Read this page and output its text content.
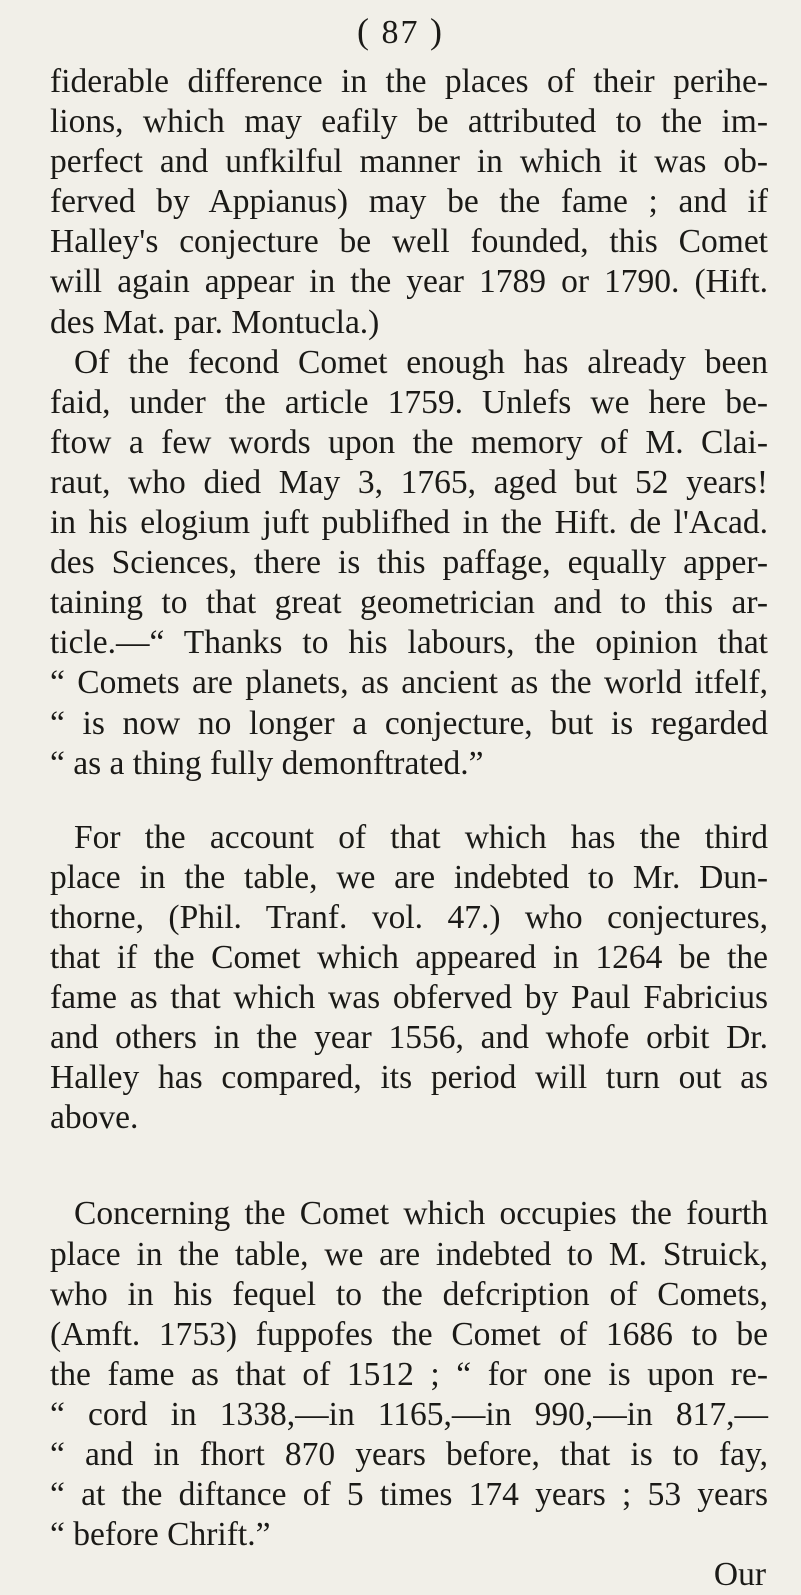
( 87 )
fiderable difference in the places of their perihe-
lions, which may eafily be attributed to the im-
perfect and unfkilful manner in which it was ob-
ferved by Appianus) may be the fame ; and if
Halley's conjecture be well founded, this Comet
will again appear in the year 1789 or 1790. (Hift.
des Mat. par. Montucla.)
Of the fecond Comet enough has already been
faid, under the article 1759. Unlefs we here be-
ftow a few words upon the memory of M. Clai-
raut, who died May 3, 1765, aged but 52 years!
in his elogium juft publifhed in the Hift. de l'Acad.
des Sciences, there is this paffage, equally apper-
taining to that great geometrician and to this ar-
ticle.—“ Thanks to his labours, the opinion that
“ Comets are planets, as ancient as the world itfelf,
“ is now no longer a conjecture, but is regarded
“ as a thing fully demonftrated.”
For the account of that which has the third
place in the table, we are indebted to Mr. Dun-
thorne, (Phil. Tranf. vol. 47.) who conjectures,
that if the Comet which appeared in 1264 be the
fame as that which was obferved by Paul Fabricius
and others in the year 1556, and whofe orbit Dr.
Halley has compared, its period will turn out as
above.
Concerning the Comet which occupies the fourth
place in the table, we are indebted to M. Struick,
who in his fequel to the defcription of Comets,
(Amft. 1753) fuppofes the Comet of 1686 to be
the fame as that of 1512 ; “ for one is upon re-
“ cord in 1338,—in 1165,—in 990,—in 817,—
“ and in fhort 870 years before, that is to fay,
“ at the diftance of 5 times 174 years ; 53 years
“ before Chrift.”
Our
